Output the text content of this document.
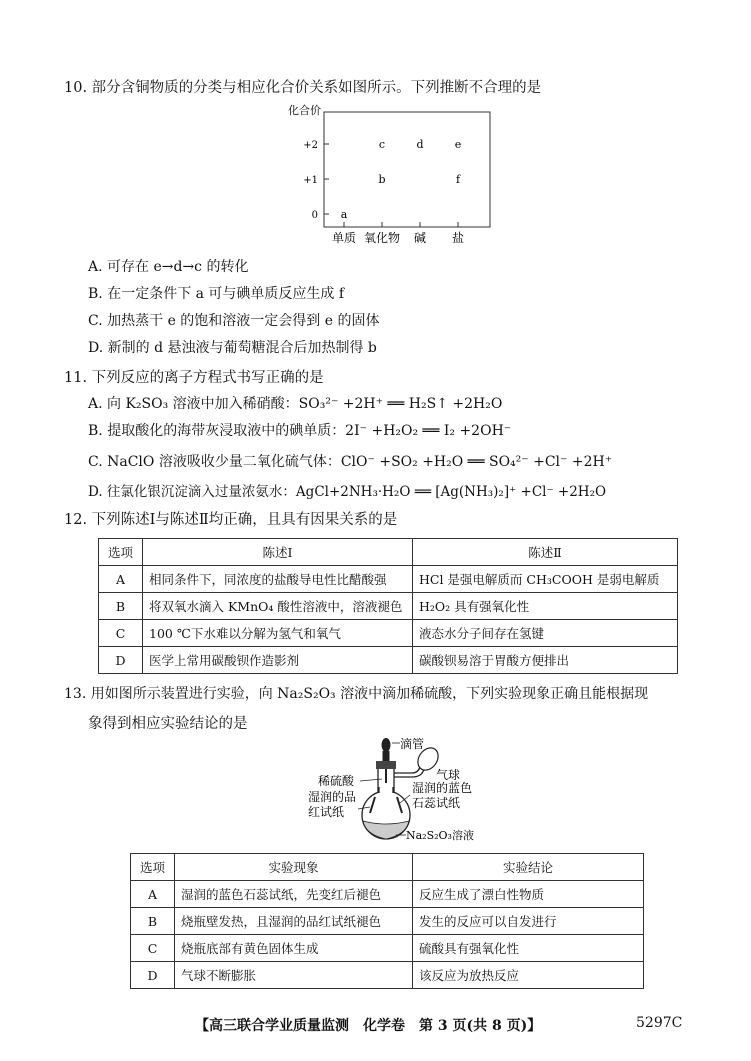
10. 部分含铜物质的分类与相应化合价关系如图所示。下列推断不合理的是
化合价
+2
+1
0
单质 氧化物 碱 盐
a
b
c	d	e
f
A. 可存在 e→d→c 的转化
B. 在一定条件下 a 可与碘单质反应生成 f
C. 加热蒸干 e 的饱和溶液一定会得到 e 的固体
D. 新制的 d 悬浊液与葡萄糖混合后加热制得 b
11. 下列反应的离子方程式书写正确的是
A. 向 K₂SO₃ 溶液中加入稀硝酸：SO₃²⁻ +2H⁺ ══ H₂S↑ +2H₂O
B. 提取酸化的海带灰浸取液中的碘单质：2I⁻ +H₂O₂ ══ I₂ +2OH⁻
C. NaClO 溶液吸收少量二氧化硫气体：ClO⁻ +SO₂ +H₂O ══ SO₄²⁻ +Cl⁻ +2H⁺
D. 往氯化银沉淀滴入过量浓氨水：AgCl+2NH₃·H₂O ══ [Ag(NH₃)₂]⁺ +Cl⁻ +2H₂O
12. 下列陈述Ⅰ与陈述Ⅱ均正确，且具有因果关系的是
选项	陈述Ⅰ	陈述Ⅱ
A	相同条件下，同浓度的盐酸导电性比醋酸强	HCl 是强电解质而 CH₃COOH 是弱电解质
B	将双氧水滴入 KMnO₄ 酸性溶液中，溶液褪色	H₂O₂ 具有强氧化性
C	100 ℃下水难以分解为氢气和氧气	液态水分子间存在氢键
D	医学上常用碳酸钡作造影剂	碳酸钡易溶于胃酸方便排出
13. 用如图所示装置进行实验，向 Na₂S₂O₃ 溶液中滴加稀硫酸，下列实验现象正确且能根据现
象得到相应实验结论的是
滴管
气球
稀硫酸	湿润的蓝色
石蕊试纸
湿润的品
红试纸
Na₂S₂O₃溶液
选项	实验现象	实验结论
A	湿润的蓝色石蕊试纸，先变红后褪色	反应生成了漂白性物质
B	烧瓶壁发热，且湿润的品红试纸褪色	发生的反应可以自发进行
C	烧瓶底部有黄色固体生成	硫酸具有强氧化性
D	气球不断膨胀	该反应为放热反应
【高三联合学业质量监测　化学卷　第 3 页(共 8 页)】	5297C
